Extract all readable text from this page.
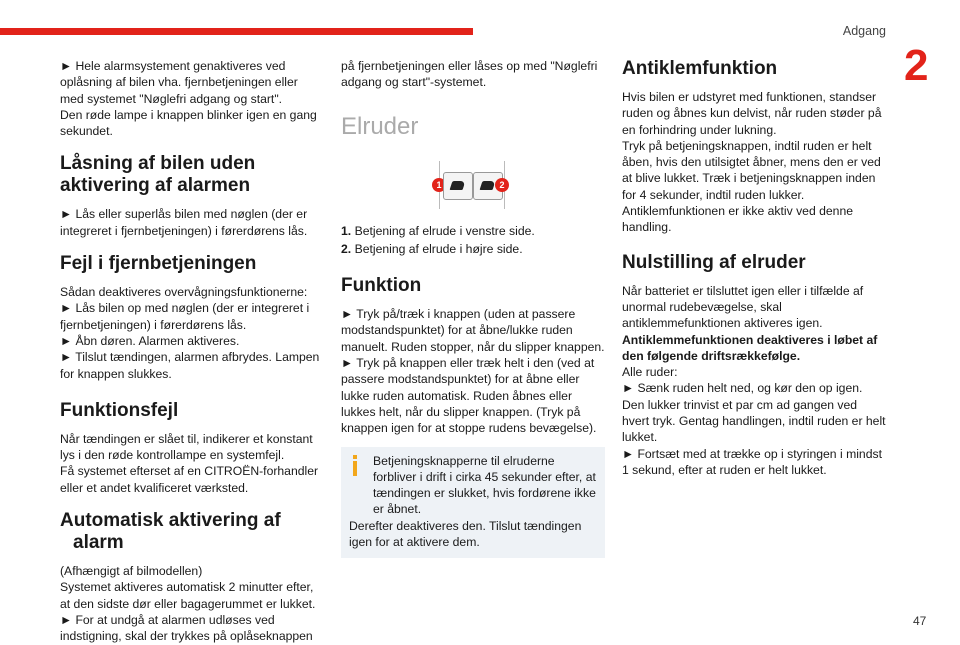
Adgang
2
47

► Hele alarmsystement genaktiveres ved oplåsning af bilen vha. fjernbetjeningen eller med systemet "Nøglefri adgang og start".

Den røde lampe i knappen blinker igen en gang sekundet.

Låsning af bilen uden aktivering af alarmen

► Lås eller superlås bilen med nøglen (der er integreret i fjernbetjeningen) i førerdørens lås.

Fejl i fjernbetjeningen

Sådan deaktiveres overvågningsfunktionerne:

► Lås bilen op med nøglen (der er integreret i fjernbetjeningen) i førerdørens lås.

► Åbn døren. Alarmen aktiveres.

► Tilslut tændingen, alarmen afbrydes. Lampen for knappen slukkes.

Funktionsfejl

Når tændingen er slået til, indikerer et konstant lys i den røde kontrollampe en systemfejl.

Få systemet efterset af en CITROËN-forhandler eller et andet kvalificeret værksted.

Automatisk aktivering af
alarm

(Afhængigt af bilmodellen)

Systemet aktiveres automatisk 2 minutter efter, at den sidste dør eller bagagerummet er lukket.

► For at undgå at alarmen udløses ved indstigning, skal der trykkes på oplåseknappen

på fjernbetjeningen eller låses op med "Nøglefri adgang og start"-systemet.

Elruder
1	2

1. Betjening af elrude i venstre side.

2. Betjening af elrude i højre side.

Funktion

► Tryk på/træk i knappen (uden at passere modstandspunktet) for at åbne/lukke ruden manuelt. Ruden stopper, når du slipper knappen.

► Tryk på knappen eller træk helt i den (ved at passere modstandspunktet) for at åbne eller lukke ruden automatisk. Ruden åbnes eller lukkes helt, når du slipper knappen. (Tryk på knappen igen for at stoppe rudens bevægelse).

Betjeningsknapperne til elruderne forbliver i drift i cirka 45 sekunder efter, at tændingen er slukket, hvis fordørene ikke er åbnet.

Derefter deaktiveres den. Tilslut tændingen igen for at aktivere dem.

Antiklemfunktion

Hvis bilen er udstyret med funktionen, standser ruden og åbnes kun delvist, når ruden støder på en forhindring under lukning.

Tryk på betjeningsknappen, indtil ruden er helt åben, hvis den utilsigtet åbner, mens den er ved at blive lukket. Træk i betjeningsknappen inden for 4 sekunder, indtil ruden lukker.

Antiklemfunktionen er ikke aktiv ved denne handling.

Nulstilling af elruder

Når batteriet er tilsluttet igen eller i tilfælde af unormal rudebevægelse, skal antiklemmefunktionen aktiveres igen.

Antiklemmefunktionen deaktiveres i løbet af den følgende driftsrækkefølge.

Alle ruder:

► Sænk ruden helt ned, og kør den op igen. Den lukker trinvist et par cm ad gangen ved hvert tryk. Gentag handlingen, indtil ruden er helt lukket.

► Fortsæt med at trække op i styringen i mindst 1 sekund, efter at ruden er helt lukket.
